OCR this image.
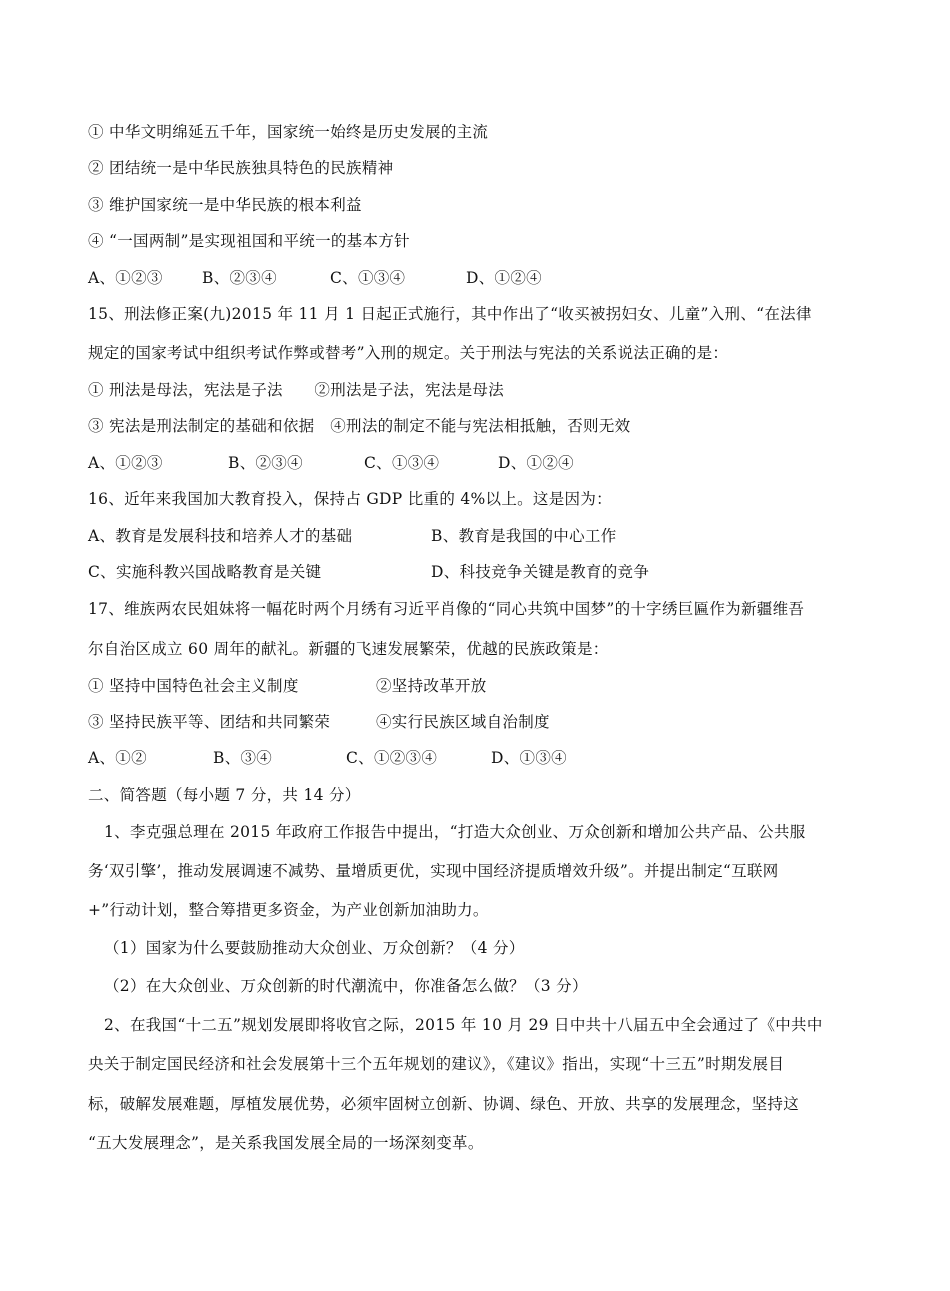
① 中华文明绵延五千年，国家统一始终是历史发展的主流
② 团结统一是中华民族独具特色的民族精神
③ 维护国家统一是中华民族的根本利益
④ “一国两制”是实现祖国和平统一的基本方针
A、①②③	B、②③④	C、①③④	D、①②④
15、刑法修正案(九)2015 年 11 月 1 日起正式施行，其中作出了“收买被拐妇女、儿童”入刑、“在法律
规定的国家考试中组织考试作弊或替考”入刑的规定。关于刑法与宪法的关系说法正确的是：
① 刑法是母法，宪法是子法　　②刑法是子法，宪法是母法
③ 宪法是刑法制定的基础和依据　④刑法的制定不能与宪法相抵触，否则无效
A、①②③	B、②③④	C、①③④	D、①②④
16、近年来我国加大教育投入，保持占 GDP 比重的 4%以上。这是因为：
A、教育是发展科技和培养人才的基础	B、教育是我国的中心工作
C、实施科教兴国战略教育是关键	D、科技竞争关键是教育的竞争
17、维族两农民姐妹将一幅花时两个月绣有习近平肖像的“同心共筑中国梦”的十字绣巨匾作为新疆维吾
尔自治区成立 60 周年的献礼。新疆的飞速发展繁荣，优越的民族政策是：
① 坚持中国特色社会主义制度	②坚持改革开放
③ 坚持民族平等、团结和共同繁荣	④实行民族区域自治制度
A、①②	B、③④	C、①②③④	D、①③④
二、简答题（每小题 7 分，共 14 分）
1、李克强总理在 2015 年政府工作报告中提出，“打造大众创业、万众创新和增加公共产品、公共服
务‘双引擎’，推动发展调速不减势、量增质更优，实现中国经济提质增效升级”。并提出制定“互联网
+”行动计划，整合筹措更多资金，为产业创新加油助力。
（1）国家为什么要鼓励推动大众创业、万众创新？（4 分）
（2）在大众创业、万众创新的时代潮流中，你准备怎么做？（3 分）
2、在我国“十二五”规划发展即将收官之际，2015 年 10 月 29 日中共十八届五中全会通过了《中共中
央关于制定国民经济和社会发展第十三个五年规划的建议》，《建议》指出，实现“十三五”时期发展目
标，破解发展难题，厚植发展优势，必须牢固树立创新、协调、绿色、开放、共享的发展理念，坚持这
“五大发展理念”，是关系我国发展全局的一场深刻变革。
